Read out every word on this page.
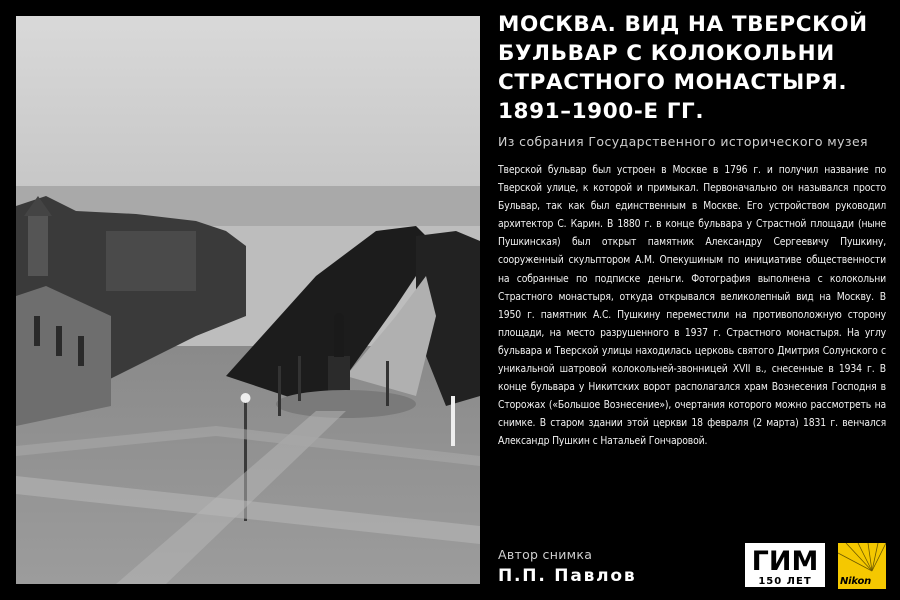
МОСКВА. ВИД НА ТВЕРСКОЙ БУЛЬВАР С КОЛОКОЛЬНИ СТРАСТНОГО МОНАСТЫРЯ. 1891–1900-Е ГГ.
Из собрания Государственного исторического музея

Тверской бульвар был устроен в Москве в 1796 г. и получил название по Тверской улице, к которой и примыкал. Первоначально он назывался просто Бульвар, так как был единственным в Москве. Его устройством руководил архитектор С. Карин. В 1880 г. в конце бульвара у Страстной площади (ныне Пушкинская) был открыт памятник Александру Сергеевичу Пушкину, сооруженный скульптором А.М. Опекушиным по инициативе общественности на собранные по подписке деньги. Фотография выполнена с колокольни Страстного монастыря, откуда открывался великолепный вид на Москву. В 1950 г. памятник А.С. Пушкину переместили на противоположную сторону площади, на место разрушенного в 1937 г. Страстного монастыря. На углу бульвара и Тверской улицы находилась церковь святого Дмитрия Солунского с уникальной шатровой колокольней-звонницей XVII в., снесенные в 1934 г. В конце бульвара у Никитских ворот располагался храм Вознесения Господня в Сторожах («Большое Вознесение»), очертания которого можно рассмотреть на снимке. В старом здании этой церкви 18 февраля (2 марта) 1831 г. венчался Александр Пушкин с Натальей Гончаровой.

Автор снимка
П.П. Павлов	ГИМ
150 ЛЕТ	Nikon
